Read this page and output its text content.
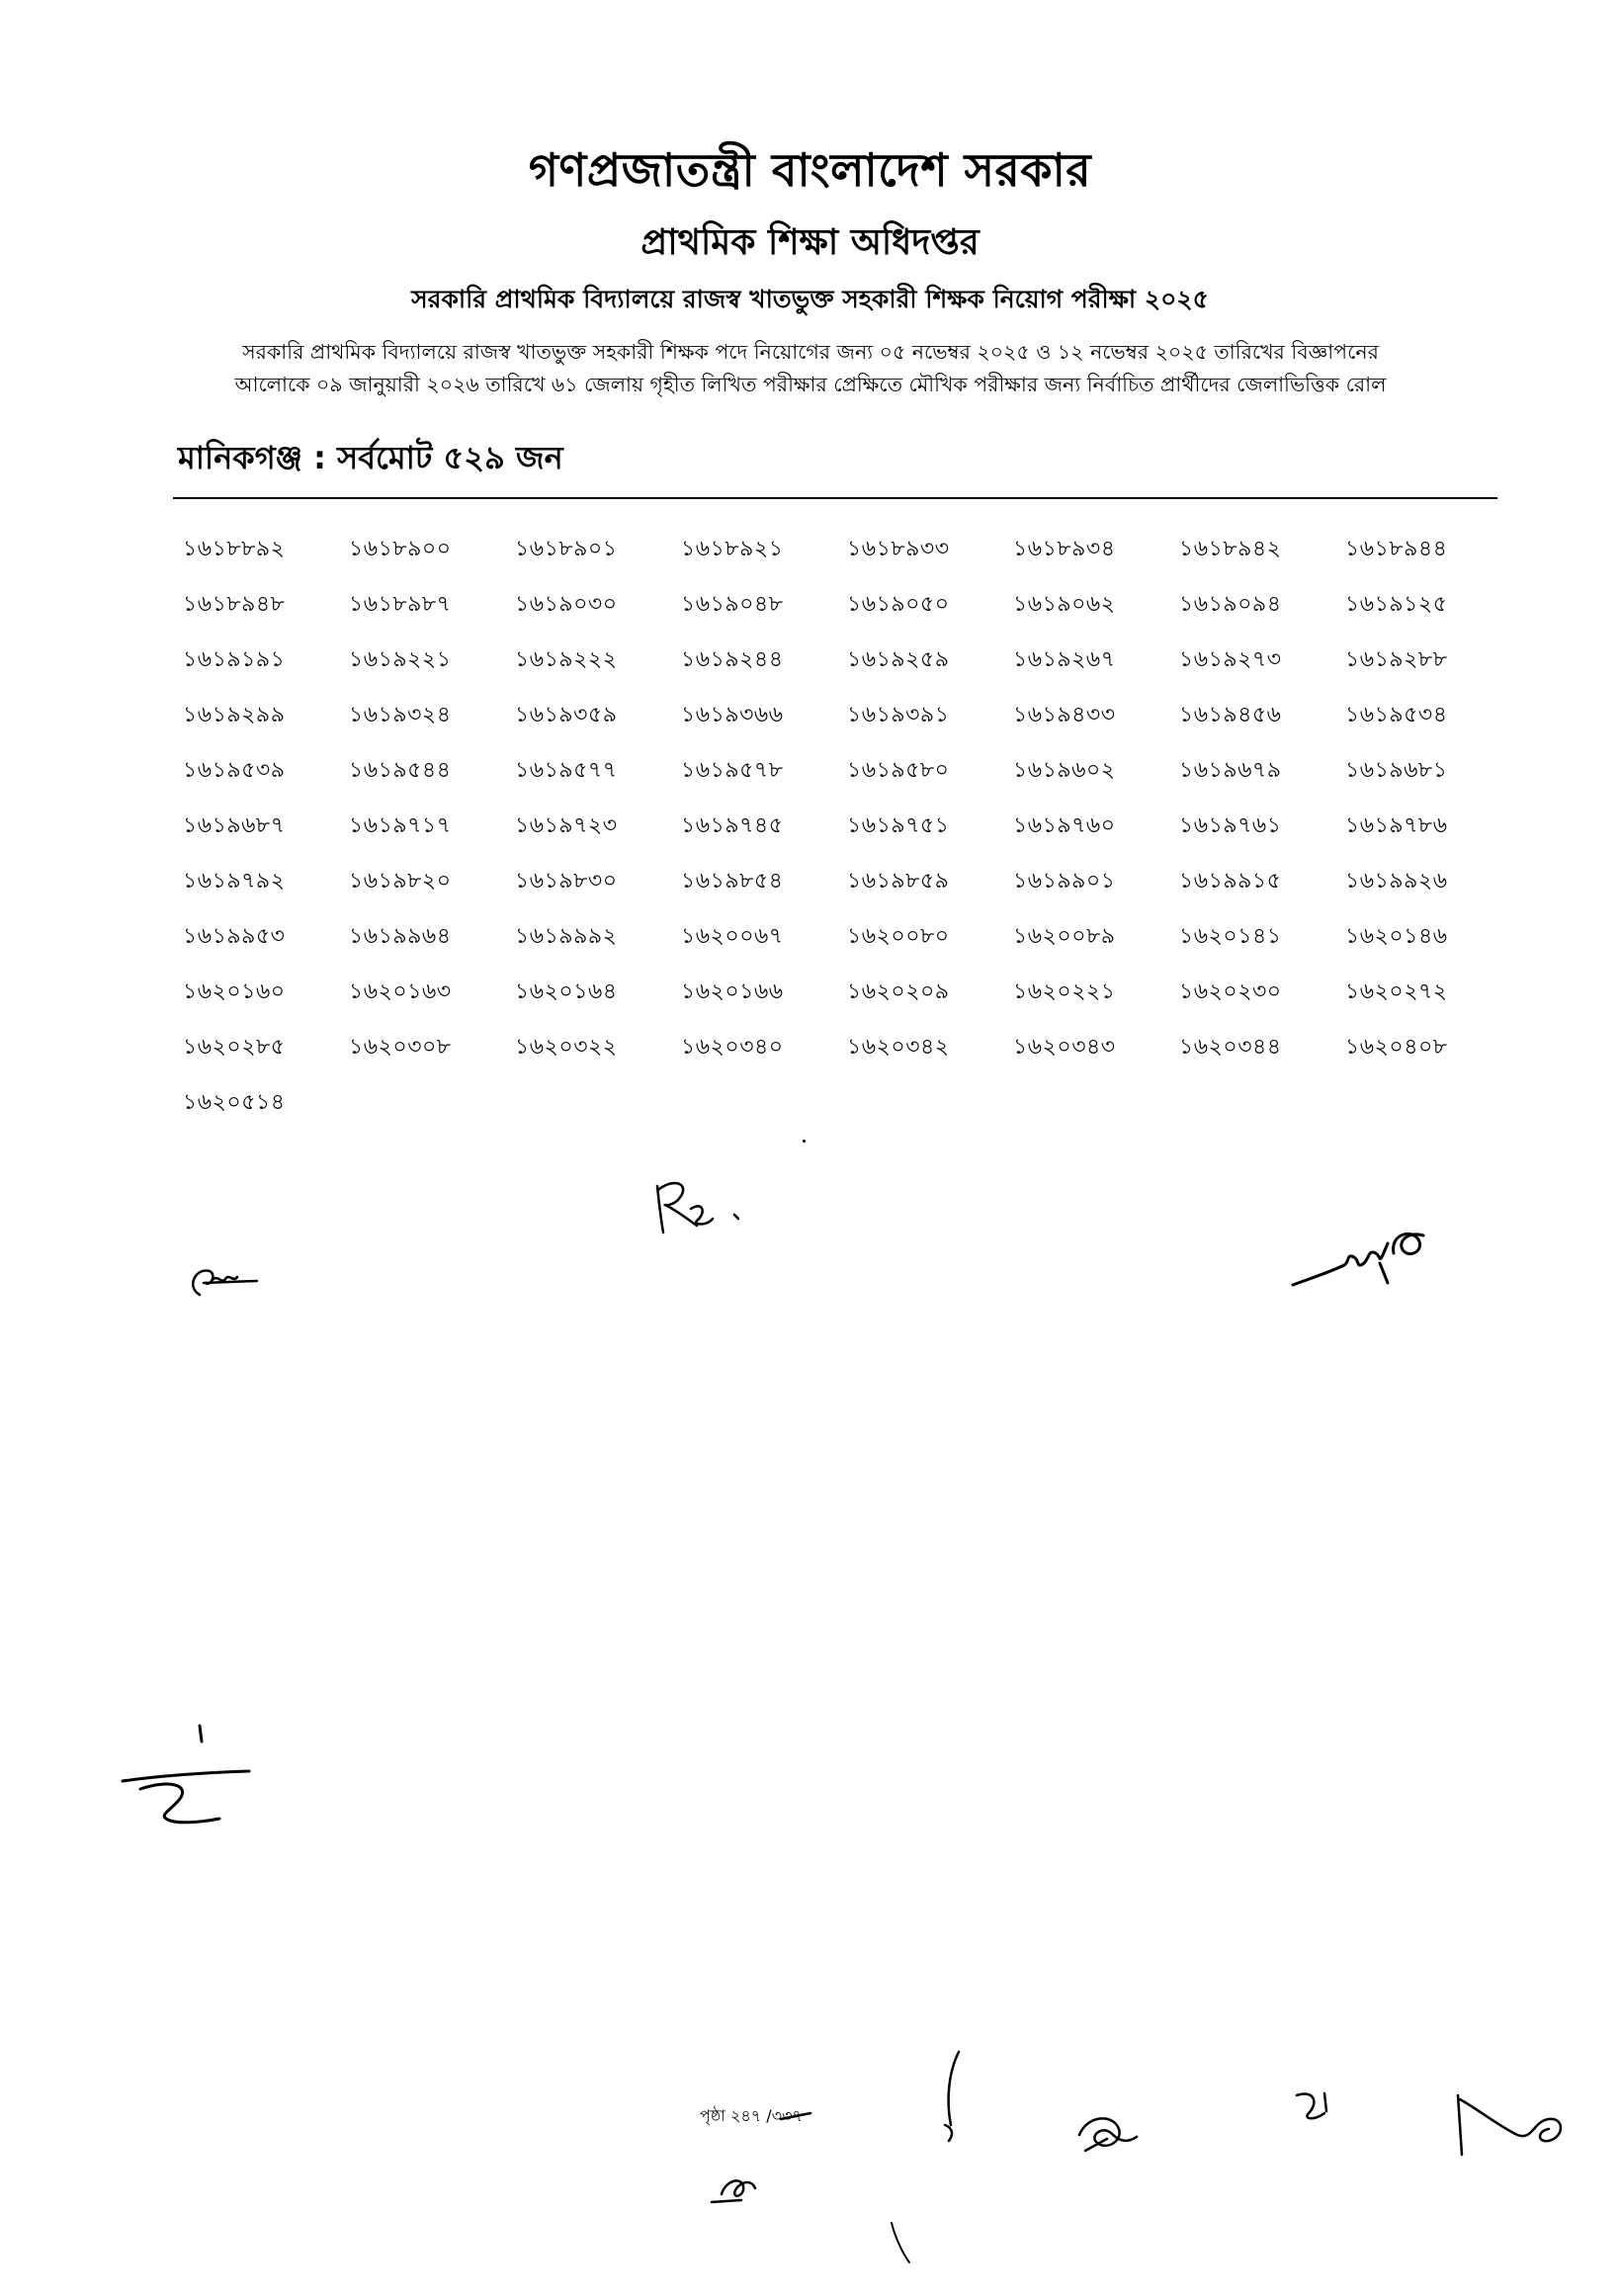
গণপ্রজাতন্ত্রী বাংলাদেশ সরকার
প্রাথমিক শিক্ষা অধিদপ্তর
সরকারি প্রাথমিক বিদ্যালয়ে রাজস্ব খাতভুক্ত সহকারী শিক্ষক নিয়োগ পরীক্ষা ২০২৫
সরকারি প্রাথমিক বিদ্যালয়ে রাজস্ব খাতভুক্ত সহকারী শিক্ষক পদে নিয়োগের জন্য ০৫ নভেম্বর ২০২৫ ও ১২ নভেম্বর ২০২৫ তারিখের বিজ্ঞাপনের
আলোকে ০৯ জানুয়ারী ২০২৬ তারিখে ৬১ জেলায় গৃহীত লিখিত পরীক্ষার প্রেক্ষিতে মৌখিক পরীক্ষার জন্য নির্বাচিত প্রার্থীদের জেলাভিত্তিক রোল
মানিকগঞ্জ : সর্বমোট ৫২৯ জন
১৬১৮৮৯২	১৬১৮৯০০	১৬১৮৯০১	১৬১৮৯২১	১৬১৮৯৩৩	১৬১৮৯৩৪	১৬১৮৯৪২	১৬১৮৯৪৪
১৬১৮৯৪৮	১৬১৮৯৮৭	১৬১৯০৩০	১৬১৯০৪৮	১৬১৯০৫০	১৬১৯০৬২	১৬১৯০৯৪	১৬১৯১২৫
১৬১৯১৯১	১৬১৯২২১	১৬১৯২২২	১৬১৯২৪৪	১৬১৯২৫৯	১৬১৯২৬৭	১৬১৯২৭৩	১৬১৯২৮৮
১৬১৯২৯৯	১৬১৯৩২৪	১৬১৯৩৫৯	১৬১৯৩৬৬	১৬১৯৩৯১	১৬১৯৪৩৩	১৬১৯৪৫৬	১৬১৯৫৩৪
১৬১৯৫৩৯	১৬১৯৫৪৪	১৬১৯৫৭৭	১৬১৯৫৭৮	১৬১৯৫৮০	১৬১৯৬০২	১৬১৯৬৭৯	১৬১৯৬৮১
১৬১৯৬৮৭	১৬১৯৭১৭	১৬১৯৭২৩	১৬১৯৭৪৫	১৬১৯৭৫১	১৬১৯৭৬০	১৬১৯৭৬১	১৬১৯৭৮৬
১৬১৯৭৯২	১৬১৯৮২০	১৬১৯৮৩০	১৬১৯৮৫৪	১৬১৯৮৫৯	১৬১৯৯০১	১৬১৯৯১৫	১৬১৯৯২৬
১৬১৯৯৫৩	১৬১৯৯৬৪	১৬১৯৯৯২	১৬২০০৬৭	১৬২০০৮০	১৬২০০৮৯	১৬২০১৪১	১৬২০১৪৬
১৬২০১৬০	১৬২০১৬৩	১৬২০১৬৪	১৬২০১৬৬	১৬২০২০৯	১৬২০২২১	১৬২০২৩০	১৬২০২৭২
১৬২০২৮৫	১৬২০৩০৮	১৬২০৩২২	১৬২০৩৪০	১৬২০৩৪২	১৬২০৩৪৩	১৬২০৩৪৪	১৬২০৪০৮
১৬২০৫১৪
পৃষ্ঠা ২৪৭ /৩৩৭
